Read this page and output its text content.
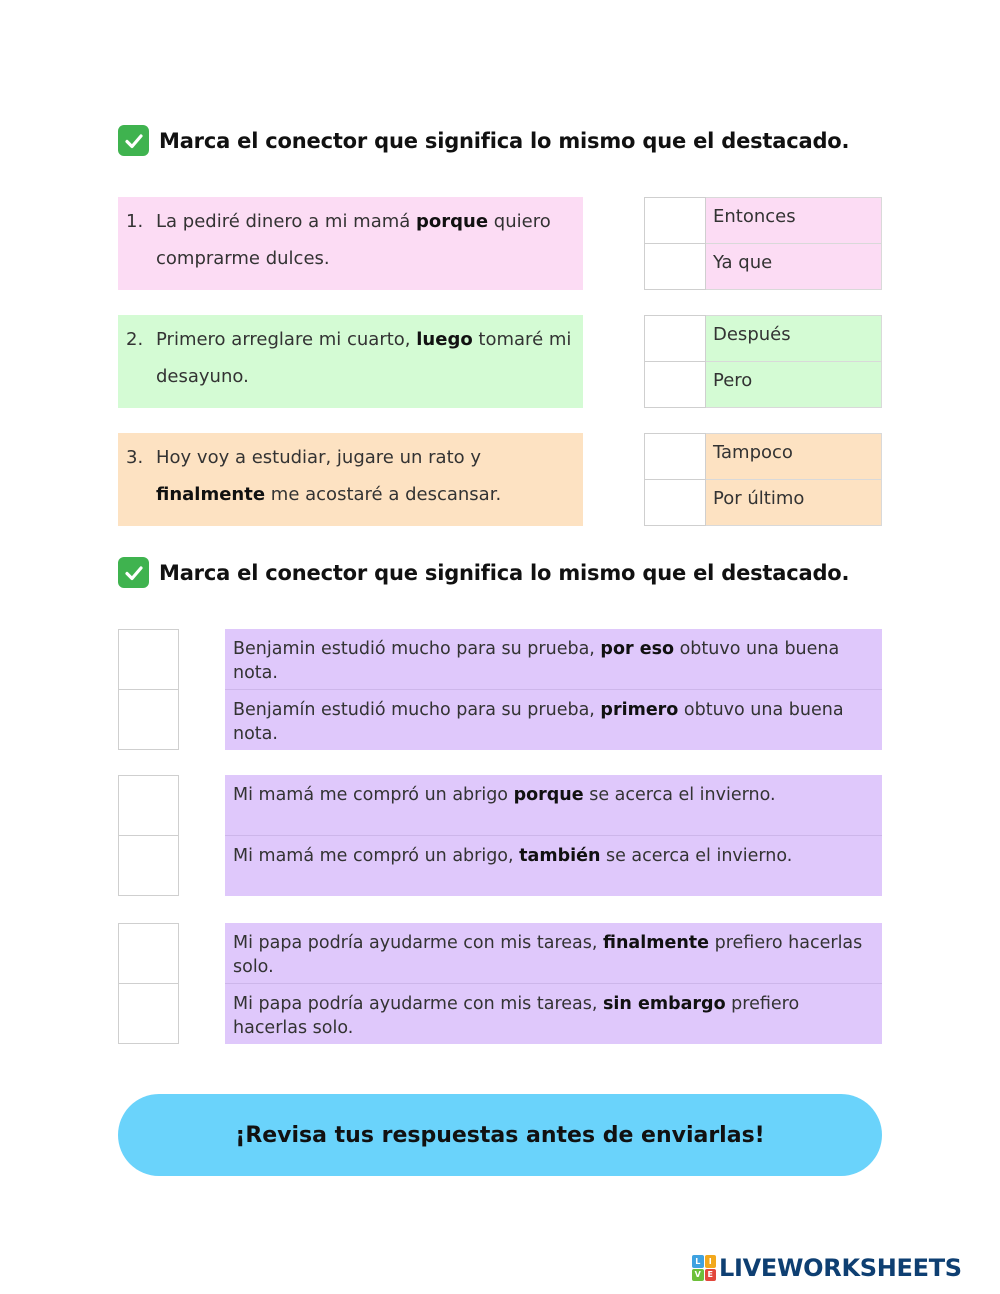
Marca el conector que significa lo mismo que el destacado.
1. La pediré dinero a mi mamá porque quiero comprarme dulces.
Entonces
Ya que
2. Primero arreglare mi cuarto, luego tomaré mi desayuno.
Después
Pero
3. Hoy voy a estudiar, jugare un rato y finalmente me acostaré a descansar.
Tampoco
Por último
Marca el conector que significa lo mismo que el destacado.
Benjamin estudió mucho para su prueba, por eso obtuvo una buena nota.
Benjamín estudió mucho para su prueba, primero obtuvo una buena nota.
Mi mamá me compró un abrigo porque se acerca el invierno.
Mi mamá me compró un abrigo, también se acerca el invierno.
Mi papa podría ayudarme con mis tareas, finalmente prefiero hacerlas solo.
Mi papa podría ayudarme con mis tareas, sin embargo prefiero hacerlas solo.
¡Revisa tus respuestas antes de enviarlas!
L	I
V E LIVEWORKSHEETS
